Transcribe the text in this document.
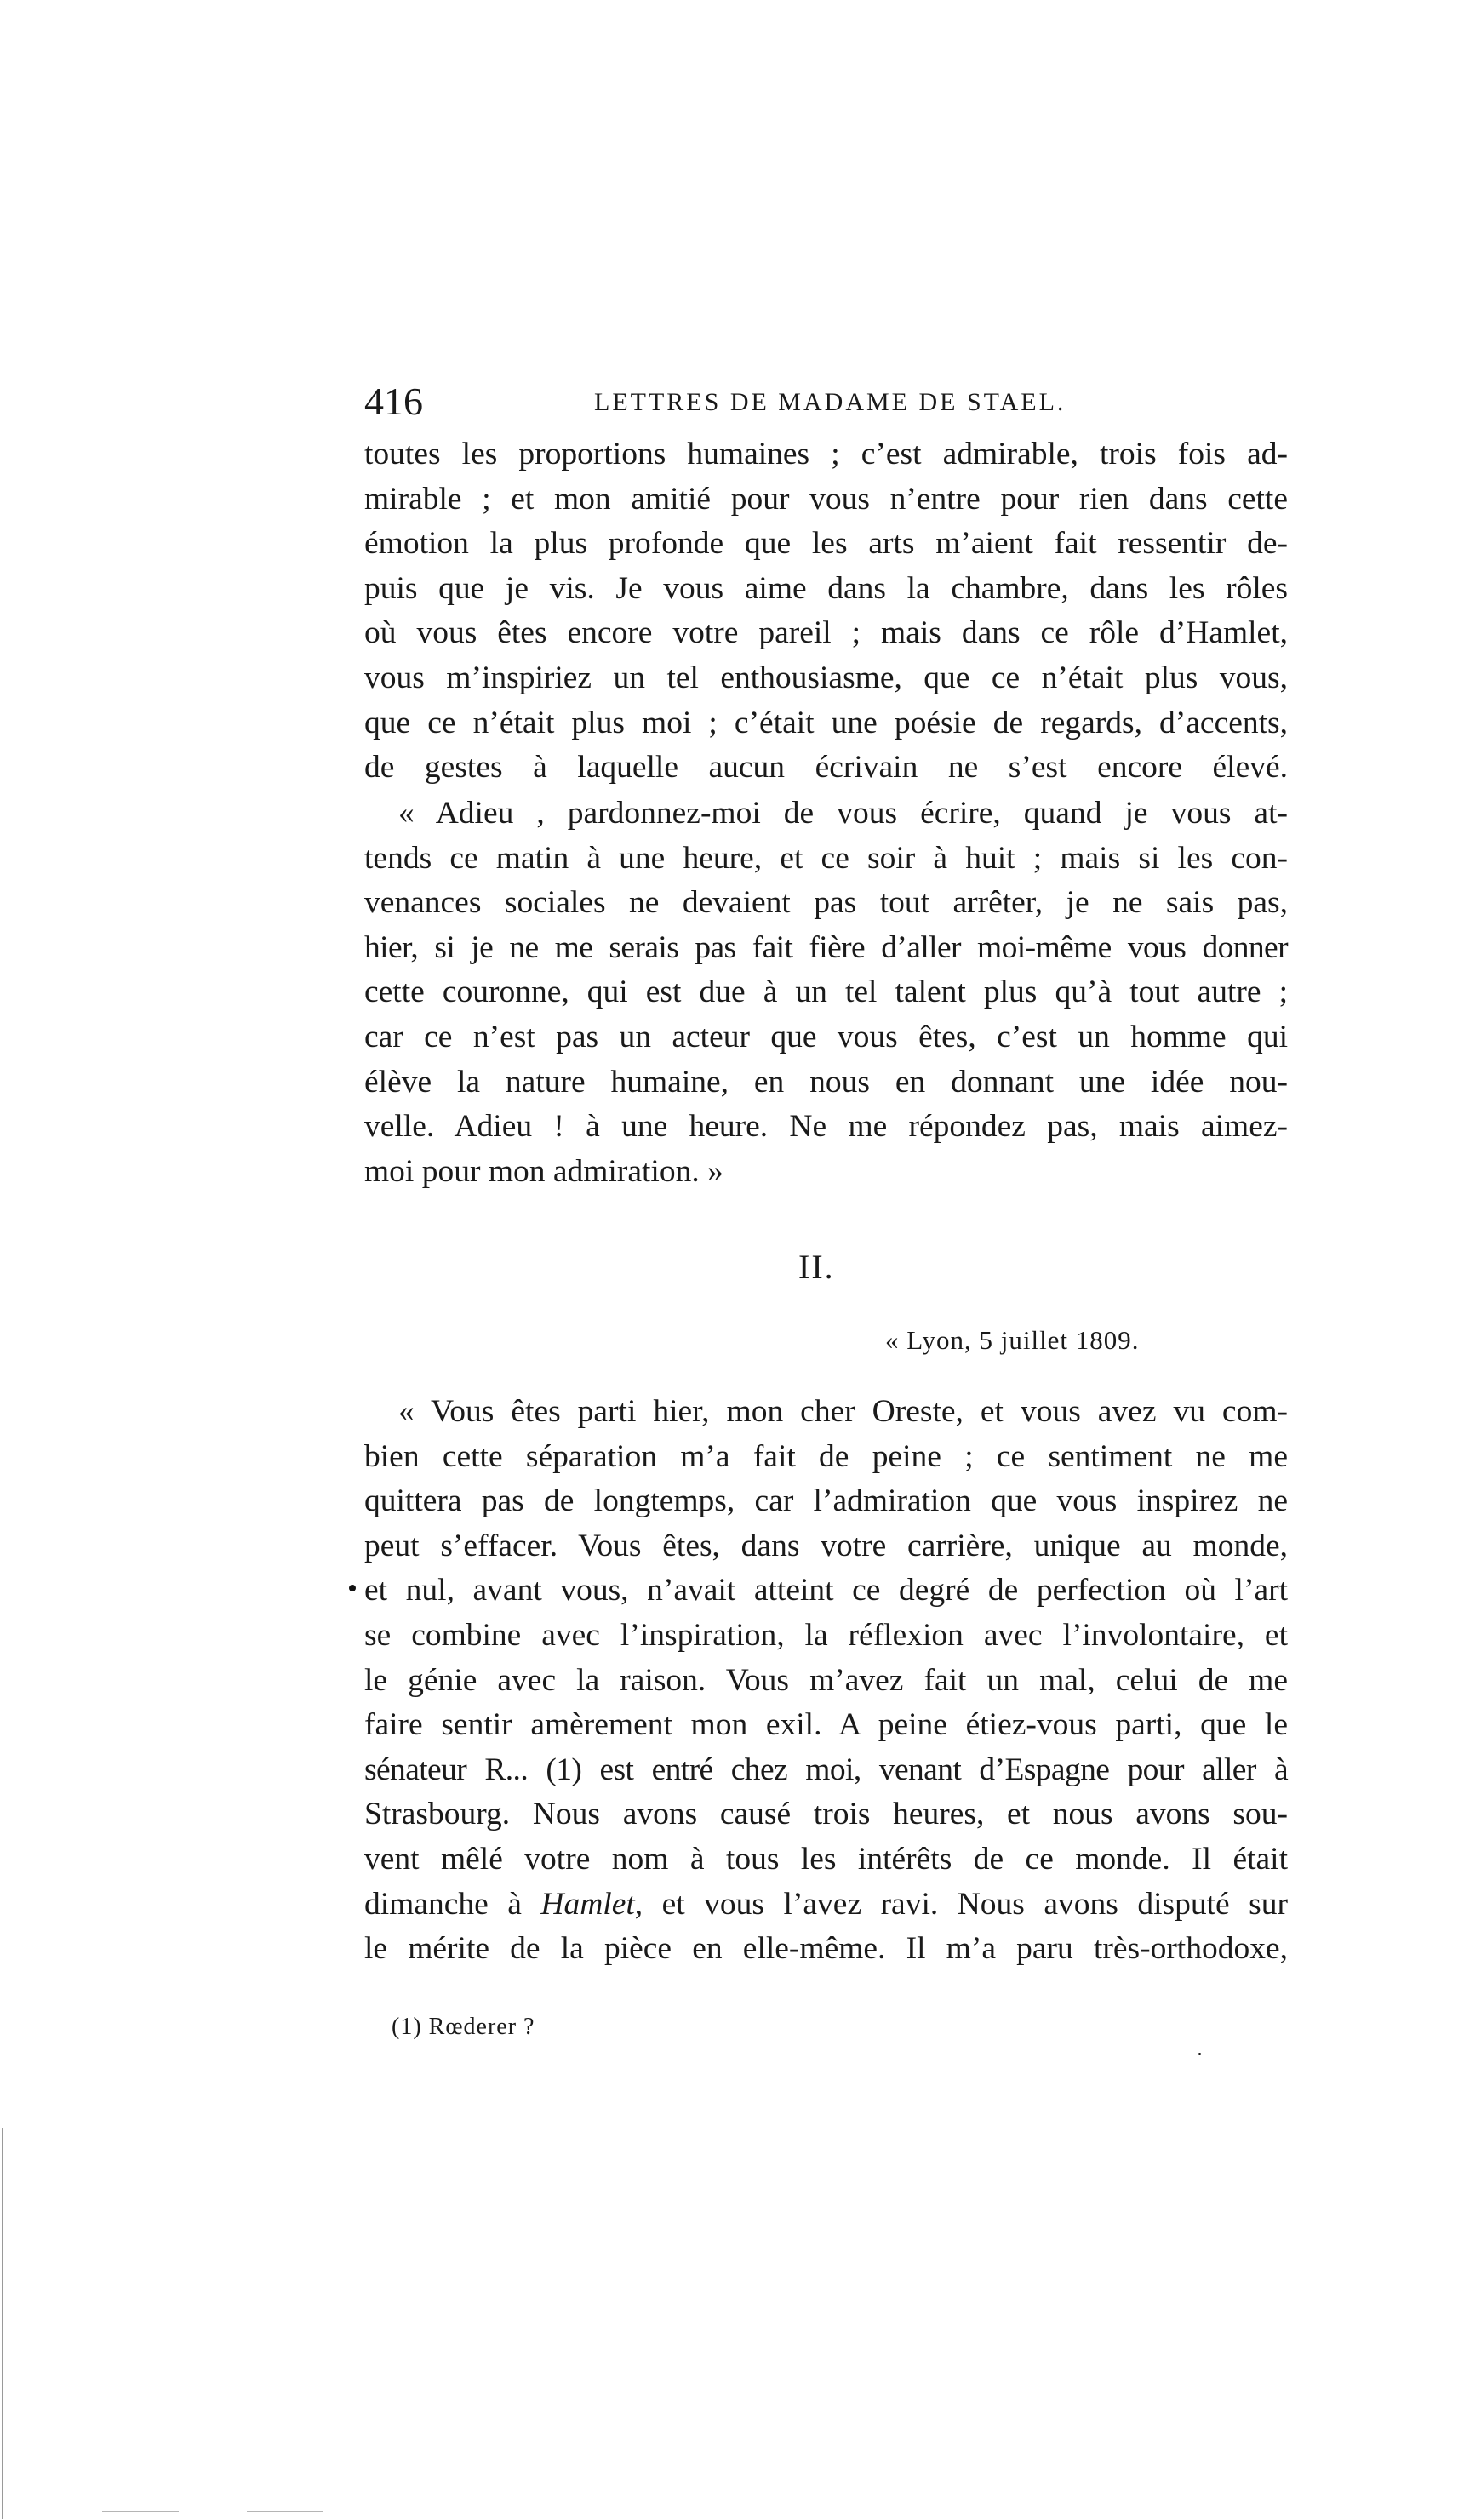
416	LETTRES DE MADAME DE STAEL.

toutes les proportions humaines ; c’est admirable, trois fois ad-
mirable ; et mon amitié pour vous n’entre pour rien dans cette
émotion la plus profonde que les arts m’aient fait ressentir de-
puis que je vis. Je vous aime dans la chambre, dans les rôles
où vous êtes encore votre pareil ; mais dans ce rôle d’Hamlet,
vous m’inspiriez un tel enthousiasme, que ce n’était plus vous,
que ce n’était plus moi ; c’était une poésie de regards, d’accents,
de gestes à laquelle aucun écrivain ne s’est encore élevé.

« Adieu , pardonnez-moi de vous écrire, quand je vous at-
tends ce matin à une heure, et ce soir à huit ; mais si les con-
venances sociales ne devaient pas tout arrêter, je ne sais pas,
hier, si je ne me serais pas fait fière d’aller moi-même vous donner
cette couronne, qui est due à un tel talent plus qu’à tout autre ;
car ce n’est pas un acteur que vous êtes, c’est un homme qui
élève la nature humaine, en nous en donnant une idée nou-
velle. Adieu ! à une heure. Ne me répondez pas, mais aimez-
moi pour mon admiration. »

II.
« Lyon, 5 juillet 1809.

« Vous êtes parti hier, mon cher Oreste, et vous avez vu com-
bien cette séparation m’a fait de peine ; ce sentiment ne me
quittera pas de longtemps, car l’admiration que vous inspirez ne
peut s’effacer. Vous êtes, dans votre carrière, unique au monde,
et nul, avant vous, n’avait atteint ce degré de perfection où l’art
se combine avec l’inspiration, la réflexion avec l’involontaire, et
le génie avec la raison. Vous m’avez fait un mal, celui de me
faire sentir amèrement mon exil. A peine étiez-vous parti, que le
sénateur R... (1) est entré chez moi, venant d’Espagne pour aller à
Strasbourg. Nous avons causé trois heures, et nous avons sou-
vent mêlé votre nom à tous les intérêts de ce monde. Il était
dimanche à Hamlet, et vous l’avez ravi. Nous avons disputé sur
le mérite de la pièce en elle-même. Il m’a paru très-orthodoxe,

(1) Rœderer ?
